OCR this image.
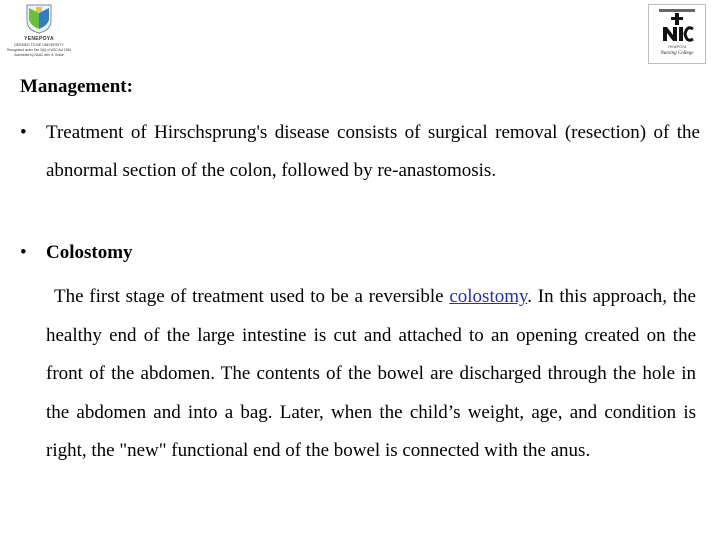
YENEPOYA
DEEMED TO BE UNIVERSITY
Recognized under Sec 3(A) of UGC Act 1956
Accredited by NAAC with 'A' Grade
YENEPOYA
Nursing College
Management:
• Treatment of Hirschsprung's disease consists of surgical removal (resection) of the abnormal section of the colon, followed by re-anastomosis.
• Colostomy
The first stage of treatment used to be a reversible colostomy. In this approach, the healthy end of the large intestine is cut and attached to an opening created on the front of the abdomen. The contents of the bowel are discharged through the hole in the abdomen and into a bag. Later, when the child’s weight, age, and condition is right, the "new" functional end of the bowel is connected with the anus.
